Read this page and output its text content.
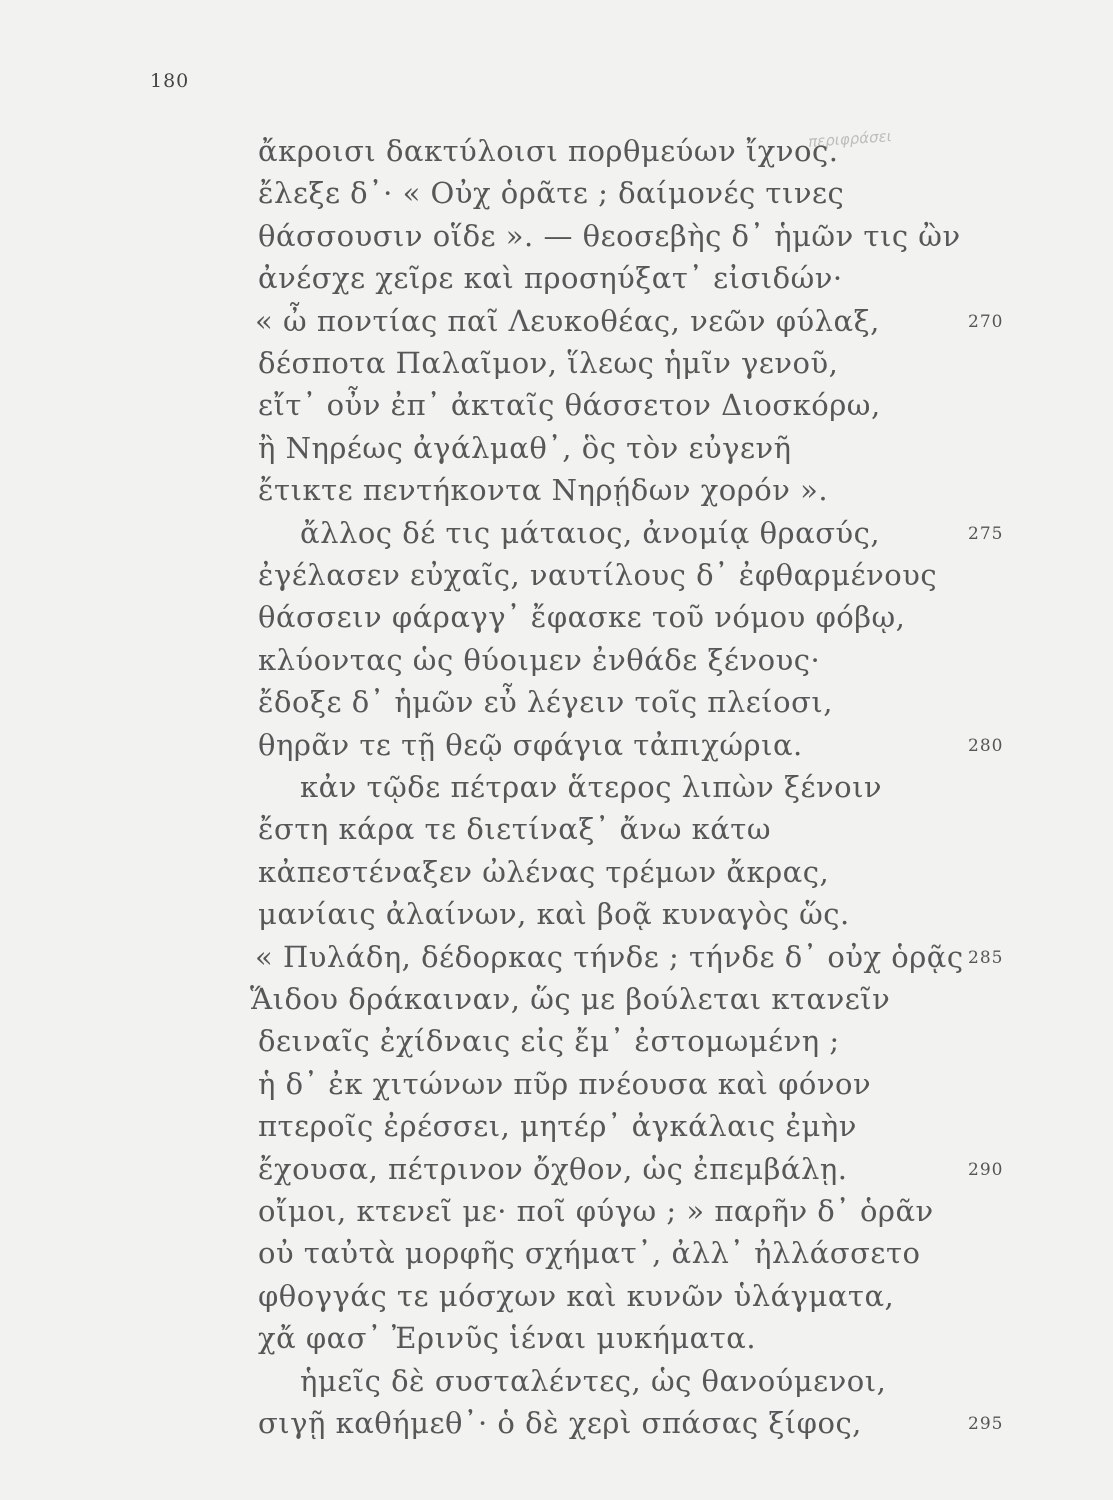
180
περιφράσει
ἄκροισι δακτύλοισι πορθμεύων ἴχνος.
ἔλεξε δ᾽· « Οὐχ ὁρᾶτε ; δαίμονές τινες
θάσσουσιν οἵδε ». — θεοσεβὴς δ᾽ ἡμῶν τις ὢν
ἀνέσχε χεῖρε καὶ προσηύξατ᾽ εἰσιδών·
« ὦ ποντίας παῖ Λευκοθέας, νεῶν φύλαξ,	270
δέσποτα Παλαῖμον, ἵλεως ἡμῖν γενοῦ,
εἴτ᾽ οὖν ἐπ᾽ ἀκταῖς θάσσετον Διοσκόρω,
ἢ Νηρέως ἀγάλμαθ᾽, ὃς τὸν εὐγενῆ
ἔτικτε πεντήκοντα Νηρῄδων χορόν ».
ἄλλος δέ τις μάταιος, ἀνομίᾳ θρασύς,	275
ἐγέλασεν εὐχαῖς, ναυτίλους δ᾽ ἐφθαρμένους
θάσσειν φάραγγ᾽ ἔφασκε τοῦ νόμου φόβῳ,
κλύοντας ὡς θύοιμεν ἐνθάδε ξένους·
ἔδοξε δ᾽ ἡμῶν εὖ λέγειν τοῖς πλείοσι,
θηρᾶν τε τῇ θεῷ σφάγια τἀπιχώρια.	280
κἀν τῷδε πέτραν ἅτερος λιπὼν ξένοιν
ἔστη κάρα τε διετίναξ᾽ ἄνω κάτω
κἀπεστέναξεν ὠλένας τρέμων ἄκρας,
μανίαις ἀλαίνων, καὶ βοᾷ κυναγὸς ὥς.
« Πυλάδη, δέδορκας τήνδε ; τήνδε δ᾽ οὐχ ὁρᾷς 285
Ἅιδου δράκαιναν, ὥς με βούλεται κτανεῖν
δειναῖς ἐχίδναις εἰς ἔμ᾽ ἐστομωμένη ;
ἡ δ᾽ ἐκ χιτώνων πῦρ πνέουσα καὶ φόνον
πτεροῖς ἐρέσσει, μητέρ᾽ ἀγκάλαις ἐμὴν
ἔχουσα, πέτρινον ὄχθον, ὡς ἐπεμβάλῃ.	290
οἴμοι, κτενεῖ με· ποῖ φύγω ; » παρῆν δ᾽ ὁρᾶν
οὐ ταὐτὰ μορφῆς σχήματ᾽, ἀλλ᾽ ἠλλάσσετο
φθογγάς τε μόσχων καὶ κυνῶν ὑλάγματα,
χἄ φασ᾽ Ἐρινῦς ἱέναι μυκήματα.
ἡμεῖς δὲ συσταλέντες, ὡς θανούμενοι,
σιγῇ καθήμεθ᾽· ὁ δὲ χερὶ σπάσας ξίφος,	295
